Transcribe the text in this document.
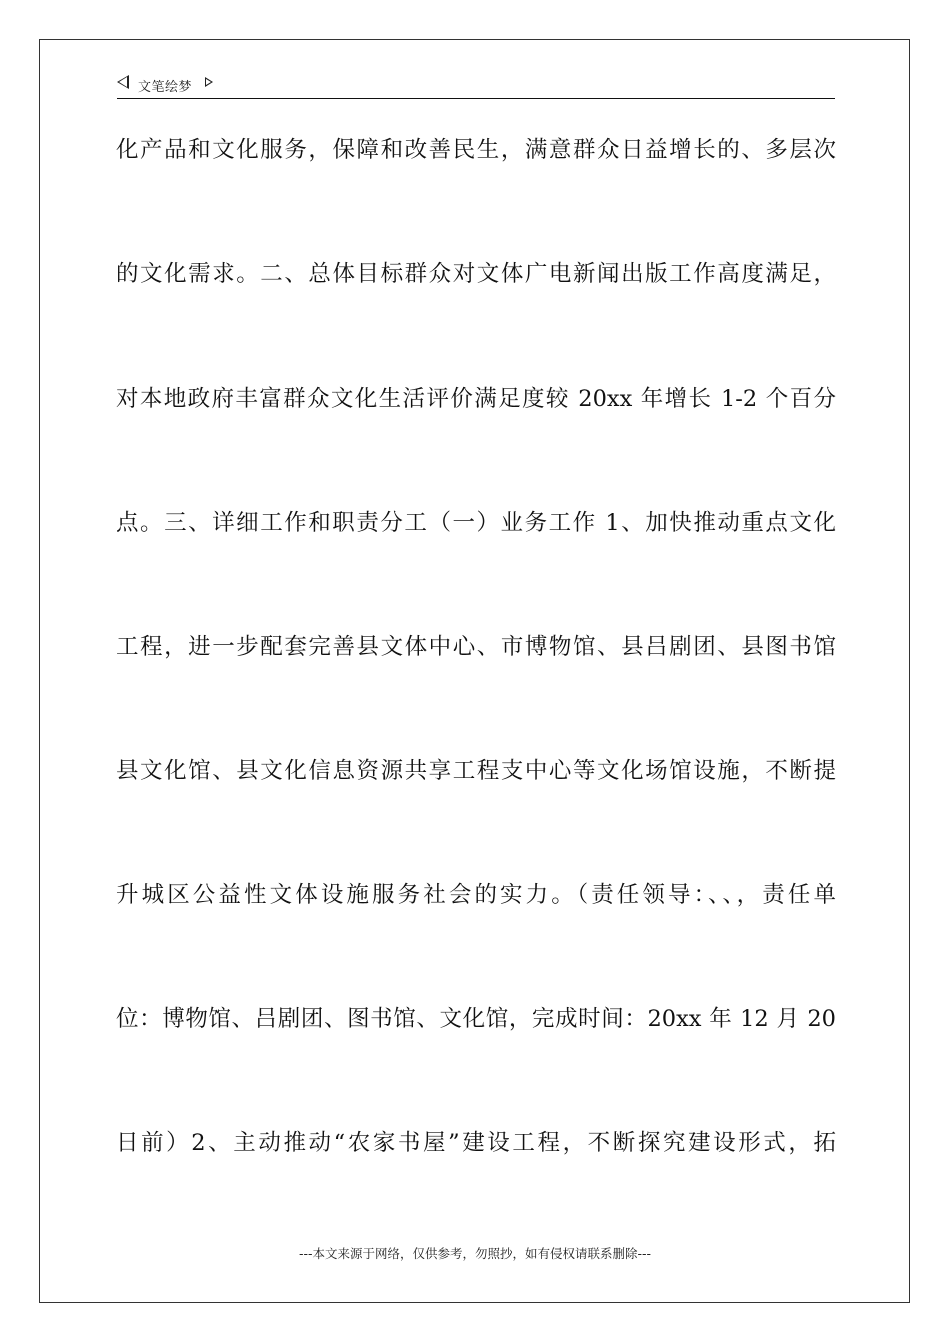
文笔绘梦
化产品和文化服务，保障和改善民生，满意群众日益增长的、多层次
的文化需求。二、总体目标群众对文体广电新闻出版工作高度满足，
对本地政府丰富群众文化生活评价满足度较 20xx 年增长 1-2 个百分
点。三、详细工作和职责分工（一）业务工作 1、加快推动重点文化
工程，进一步配套完善县文体中心、市博物馆、县吕剧团、县图书馆
县文化馆、县文化信息资源共享工程支中心等文化场馆设施，不断提
升城区公益性文体设施服务社会的实力。（责任领导：、、，责任单
位：博物馆、吕剧团、图书馆、文化馆，完成时间：20xx 年 12 月 20
日前）2、主动推动“农家书屋”建设工程，不断探究建设形式，拓
---本文来源于网络，仅供参考，勿照抄，如有侵权请联系删除---
